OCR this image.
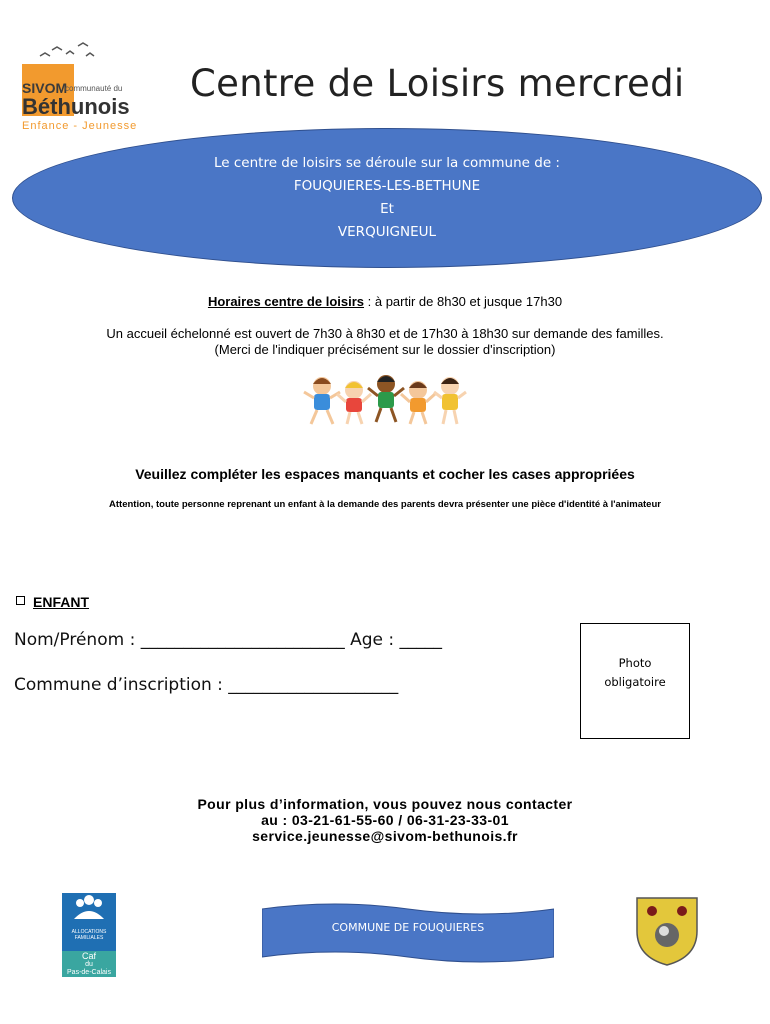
SIVOM
communauté du
Béthunois
Enfance - Jeunesse
Centre de Loisirs mercredi
Le centre de loisirs se déroule sur la commune de :
FOUQUIERES-LES-BETHUNE
Et
VERQUIGNEUL
Horaires centre de loisirs : à partir de 8h30 et jusque 17h30
Un accueil échelonné est ouvert de 7h30 à 8h30 et de 17h30 à 18h30 sur demande des familles.
(Merci de l'indiquer précisément sur le dossier d'inscription)
Veuillez compléter les espaces manquants et cocher les cases appropriées
Attention, toute personne reprenant un enfant à la demande des parents devra présenter une pièce d'identité à l'animateur
ENFANT
Nom/Prénom : ________________________ Age : _____
Commune d’inscription : ____________________
Photo
obligatoire
Pour plus d’information, vous pouvez nous contacter
au : 03-21-61-55-60 / 06-31-23-33-01
service.jeunesse@sivom-bethunois.fr
ALLOCATIONS
FAMILIALES
Caf
du
Pas-de-Calais
COMMUNE DE FOUQUIERES
